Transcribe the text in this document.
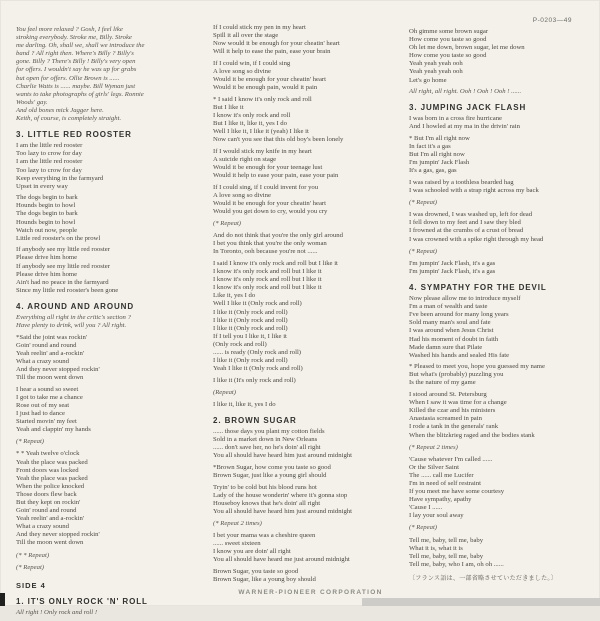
P-0203—49
You feel more relaxed ? Gosh, I feel like
stroking everybody. Stroke me, Billy. Stroke
me darling. Oh, shall we, shall we introduce the
band ? All right then. Where's Billy ? Billy's
gone. Billy ? There's Billy ! Billy's very open
for offers. I wouldn't say he was up for grabs
but open for offers. Ollie Brown is ......
Charlie Watts is ...... maybe. Bill Wyman just
wants to take photographs of girls' legs. Ronnie
Woods' gay.
And old bones mick Jagger here.
Keith, of course, is completely straight.
3. LITTLE RED ROOSTER
I am the little red rooster
Too lazy to crow for day
I am the little red rooster
Too lazy to crow for day
Keep everything in the farmyard
Upset in every way
The dogs begin to bark
Hounds begin to howl
The dogs begin to bark
Hounds begin to howl
Watch out now, people
Little red rooster's on the prowl
If anybody see my little red rooster
Please drive him home
If anybody see my little red rooster
Please drive him home
Ain't had no peace in the farmyard
Since my little red rooster's been gone
4. AROUND AND AROUND
Everything all right in the critic's section ?
Have plenty to drink, will you ? All right.
*Said the joint was rockin'
Goin' round and round
Yeah reelin' and a-rockin'
What a crazy sound
And they never stopped rockin'
Till the moon went down
I hear a sound so sweet
I got to take me a chance
Rose out of my seat
I just had to dance
Started movin' my feet
Yeah and clappin' my hands
(* Repeat)
* * Yeah twelve o'clock
Yeah the place was packed
Front doors was locked
Yeah the place was packed
When the police knocked
Those doors flew back
But they kept on rockin'
Goin' round and round
Yeah reelin' and a-rockin'
What a crazy sound
And they never stopped rockin'
Till the moon went down
(* * Repeat)
(* Repeat)
SIDE 4
1. IT'S ONLY ROCK 'N' ROLL
All right ! Only rock and roll !
If I could stick my pen in my heart
Spill it all over the stage
Now would it be enough for your cheatin' heart
Will it help to ease the pain, ease your brain
If I could win, if I could sing
A love song so divine
Would it be enough for your cheatin' heart
Would it be enough pain, would it pain
* I said I know it's only rock and roll
But I like it
I know it's only rock and roll
But I like it, like it, yes I do
Well I like it, I like it (yeah) I like it
Now can't you see that this old boy's been lonely
If I would stick my knife in my heart
A suicide right on stage
Would it be enough for your teenage lust
Would it help to ease your pain, ease your pain
If I could sing, if I could invent for you
A love song so divine
Would it be enough for your cheatin' heart
Would you get down to cry, would you cry
(* Repeat)
And do not think that you're the only girl around
I bet you think that you're the only woman
In Toronto, ooh because you're not ......
I said I know it's only rock and roll but I like it
I know it's only rock and roll but I like it
I know it's only rock and roll but I like it
I know it's only rock and roll but I like it
Like it, yes I do
Well I like it (Only rock and roll)
I like it (Only rock and roll)
I like it (Only rock and roll)
I like it (Only rock and roll)
If I tell you I like it, I like it
(Only rock and roll)
...... is ready (Only rock and roll)
I like it (Only rock and roll)
Yeah I like it (Only rock and roll)
I like it (It's only rock and roll)
(Repeat)
I like it, like it, yes I do
2. BROWN SUGAR
...... those days you plant my cotton fields
Sold in a market down in New Orleans
...... don't save her, no he's doin' all right
You all should have heard him just around midnight
*Brown Sugar, how come you taste so good
Brown Sugar, just like a young girl should
Tryin' to be cold but his blood runs hot
Lady of the house wonderin' where it's gonna stop
Houseboy knows that he's doin' all right
You all should have heard him just around midnight
(* Repeat 2 times)
I bet your mama was a cheshire queen
...... sweet sixteen
I know you are doin' all right
You all should have heard me just around midnight
Brown Sugar, you taste so good
Brown Sugar, like a young boy should
Oh gimme some brown sugar
How come you taste so good
Oh let me down, brown sugar, let me down
How come you taste so good
Yeah yeah yeah ooh
Yeah yeah yeah ooh
Let's go home
All right, all right. Ooh ! Ooh ! Ooh ! ......
3. JUMPING JACK FLASH
I was born in a cross fire hurricane
And I howled at my ma in the drivin' rain
* But I'm all right now
In fact it's a gas
But I'm all right now
I'm jumpin' Jack Flash
It's a gas, gas, gas
I was raised by a toothless bearded hag
I was schooled with a strap right across my back
(* Repeat)
I was drowned, I was washed up, left for dead
I fell down to my feet and I saw they bled
I frowned at the crumbs of a crust of bread
I was crowned with a spike right through my head
(* Repeat)
I'm jumpin' Jack Flash, it's a gas
I'm jumpin' Jack Flash, it's a gas
4. SYMPATHY FOR THE DEVIL
Now please allow me to introduce myself
I'm a man of wealth and taste
I've been around for many long years
Sold many man's soul and fate
I was around when Jesus Christ
Had his moment of doubt in faith
Made damn sure that Pilate
Washed his hands and sealed His fate
* Pleased to meet you, hope you guessed my name
But what's (probably) puzzling you
Is the nature of my game
I stood around St. Petersburg
When I saw it was time for a change
Killed the czar and his ministers
Anastasia screamed in pain
I rode a tank in the generals' rank
When the blitzkrieg raged and the bodies stank
(* Repeat 2 times)
'Cause whatever I'm called ......
Or the Silver Saint
The ...... call me Lucifer
I'm in need of self restraint
If you meet me have some courtesy
Have sympathy, apathy
'Cause I ......
I lay your soul away
(* Repeat)
Tell me, baby, tell me, baby
What it is, what it is
Tell me, baby, tell me, baby
Tell me, baby, who I am, oh oh ......
〔フランス語は、一部省略させていただきました。〕
WARNER-PIONEER CORPORATION
